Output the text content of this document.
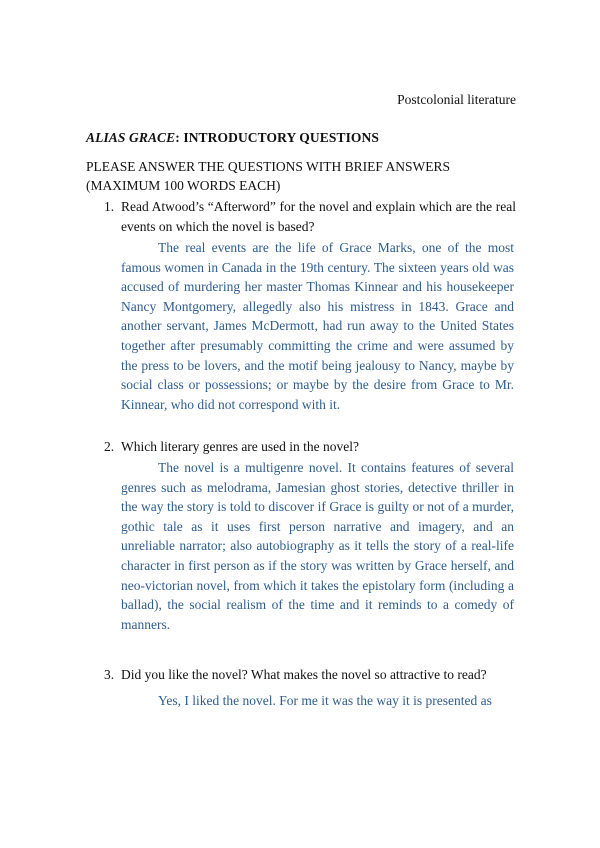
Postcolonial literature
ALIAS GRACE: INTRODUCTORY QUESTIONS
PLEASE ANSWER THE QUESTIONS WITH BRIEF ANSWERS (MAXIMUM 100 WORDS EACH)
1. Read Atwood’s “Afterword” for the novel and explain which are the real events on which the novel is based?

The real events are the life of Grace Marks, one of the most famous women in Canada in the 19th century. The sixteen years old was accused of murdering her master Thomas Kinnear and his housekeeper Nancy Montgomery, allegedly also his mistress in 1843. Grace and another servant, James McDermott, had run away to the United States together after presumably committing the crime and were assumed by the press to be lovers, and the motif being jealousy to Nancy, maybe by social class or possessions; or maybe by the desire from Grace to Mr. Kinnear, who did not correspond with it.

2. Which literary genres are used in the novel?

The novel is a multigenre novel. It contains features of several genres such as melodrama, Jamesian ghost stories, detective thriller in the way the story is told to discover if Grace is guilty or not of a murder, gothic tale as it uses first person narrative and imagery, and an unreliable narrator; also autobiography as it tells the story of a real-life character in first person as if the story was written by Grace herself, and neo-victorian novel, from which it takes the epistolary form (including a ballad), the social realism of the time and it reminds to a comedy of manners.

3. Did you like the novel? What makes the novel so attractive to read?

Yes, I liked the novel. For me it was the way it is presented as
